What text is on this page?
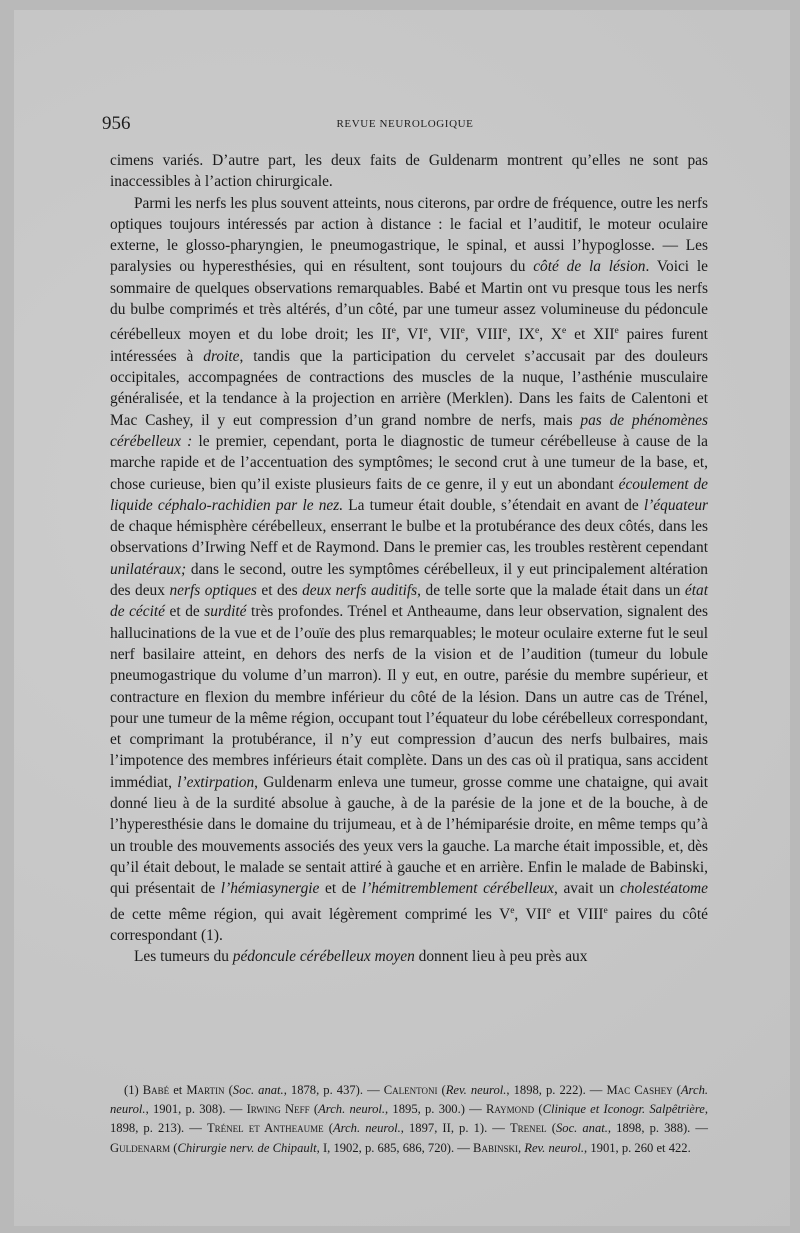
956	REVUE NEUROLOGIQUE

cimens variés. D’autre part, les deux faits de Guldenarm montrent qu’elles ne sont pas inaccessibles à l’action chirurgicale.

Parmi les nerfs les plus souvent atteints, nous citerons, par ordre de fréquence, outre les nerfs optiques toujours intéressés par action à distance : le facial et l’auditif, le moteur oculaire externe, le glosso-pharyngien, le pneumogastrique, le spinal, et aussi l’hypoglosse. — Les paralysies ou hyperesthésies, qui en résultent, sont toujours du côté de la lésion. Voici le sommaire de quelques observations remarquables. Babé et Martin ont vu presque tous les nerfs du bulbe comprimés et très altérés, d’un côté, par une tumeur assez volumineuse du pédoncule cérébelleux moyen et du lobe droit; les IIe, VIe, VIIe, VIIIe, IXe, Xe et XIIe paires furent intéressées à droite, tandis que la participation du cervelet s’accusait par des douleurs occipitales, accompagnées de contractions des muscles de la nuque, l’asthénie musculaire généralisée, et la tendance à la projection en arrière (Merklen). Dans les faits de Calentoni et Mac Cashey, il y eut compression d’un grand nombre de nerfs, mais pas de phénomènes cérébelleux : le premier, cependant, porta le diagnostic de tumeur cérébelleuse à cause de la marche rapide et de l’accentuation des symptômes; le second crut à une tumeur de la base, et, chose curieuse, bien qu’il existe plusieurs faits de ce genre, il y eut un abondant écoulement de liquide céphalo-rachidien par le nez. La tumeur était double, s’étendait en avant de l’équateur de chaque hémisphère cérébelleux, enserrant le bulbe et la protubérance des deux côtés, dans les observations d’Irwing Neff et de Raymond. Dans le premier cas, les troubles restèrent cependant unilatéraux; dans le second, outre les symptômes cérébelleux, il y eut principalement altération des deux nerfs optiques et des deux nerfs auditifs, de telle sorte que la malade était dans un état de cécité et de surdité très profondes. Trénel et Antheaume, dans leur observation, signalent des hallucinations de la vue et de l’ouïe des plus remarquables; le moteur oculaire externe fut le seul nerf basilaire atteint, en dehors des nerfs de la vision et de l’audition (tumeur du lobule pneumogastrique du volume d’un marron). Il y eut, en outre, parésie du membre supérieur, et contracture en flexion du membre inférieur du côté de la lésion. Dans un autre cas de Trénel, pour une tumeur de la même région, occupant tout l’équateur du lobe cérébelleux correspondant, et comprimant la protubérance, il n’y eut compression d’aucun des nerfs bulbaires, mais l’impotence des membres inférieurs était complète. Dans un des cas où il pratiqua, sans accident immédiat, l’extirpation, Guldenarm enleva une tumeur, grosse comme une chataigne, qui avait donné lieu à de la surdité absolue à gauche, à de la parésie de la jone et de la bouche, à de l’hyperesthésie dans le domaine du trijumeau, et à de l’hémiparésie droite, en même temps qu’à un trouble des mouvements associés des yeux vers la gauche. La marche était impossible, et, dès qu’il était debout, le malade se sentait attiré à gauche et en arrière. Enfin le malade de Babinski, qui présentait de l’hémiasynergie et de l’hémitremblement cérébelleux, avait un cholestéatome de cette même région, qui avait légèrement comprimé les Ve, VIIe et VIIIe paires du côté correspondant (1).

Les tumeurs du pédoncule cérébelleux moyen donnent lieu à peu près aux

(1) Babé et Martin (Soc. anat., 1878, p. 437). — Calentoni (Rev. neurol., 1898, p. 222). — Mac Cashey (Arch. neurol., 1901, p. 308). — Irwing Neff (Arch. neurol., 1895, p. 300.) — Raymond (Clinique et Iconogr. Salpêtrière, 1898, p. 213). — Trénel et Antheaume (Arch. neurol., 1897, II, p. 1). — Trenel (Soc. anat., 1898, p. 388). — Guldenarm (Chirurgie nerv. de Chipault, I, 1902, p. 685, 686, 720). — Babinski, Rev. neurol., 1901, p. 260 et 422.
